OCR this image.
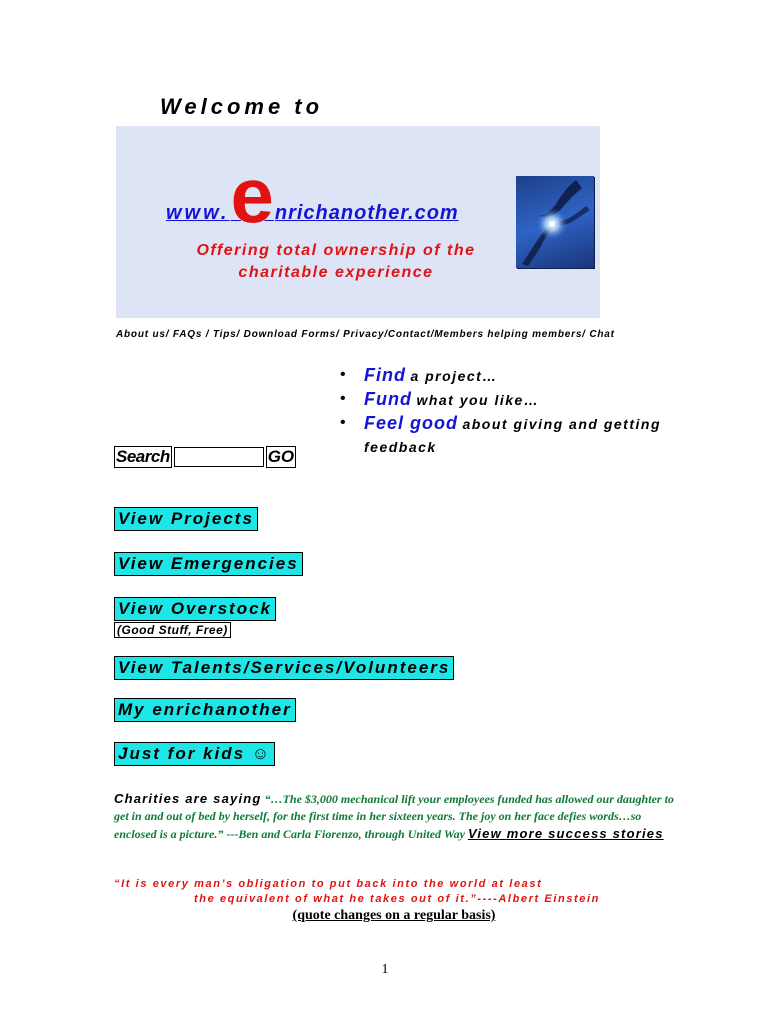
Welcome to
www.enrichanother.com
Offering total ownership of the charitable experience
About us/ FAQs / Tips/ Download Forms/ Privacy/Contact/Members helping members/ Chat
• Find a project…
• Fund what you like…
• Feel good about giving and getting feedback
Search	GO
View Projects
View Emergencies
View Overstock
(Good Stuff, Free)
View Talents/Services/Volunteers
My enrichanother
Just for kids ☺
Charities are saying “…The $3,000 mechanical lift your employees funded has allowed our daughter to get in and out of bed by herself, for the first time in her sixteen years. The joy on her face defies words…so enclosed is a picture.” ---Ben and Carla Fiorenzo, through United Way View more success stories
“It is every man’s obligation to put back into the world at least
the equivalent of what he takes out of it.”----Albert Einstein
(quote changes on a regular basis)
1
